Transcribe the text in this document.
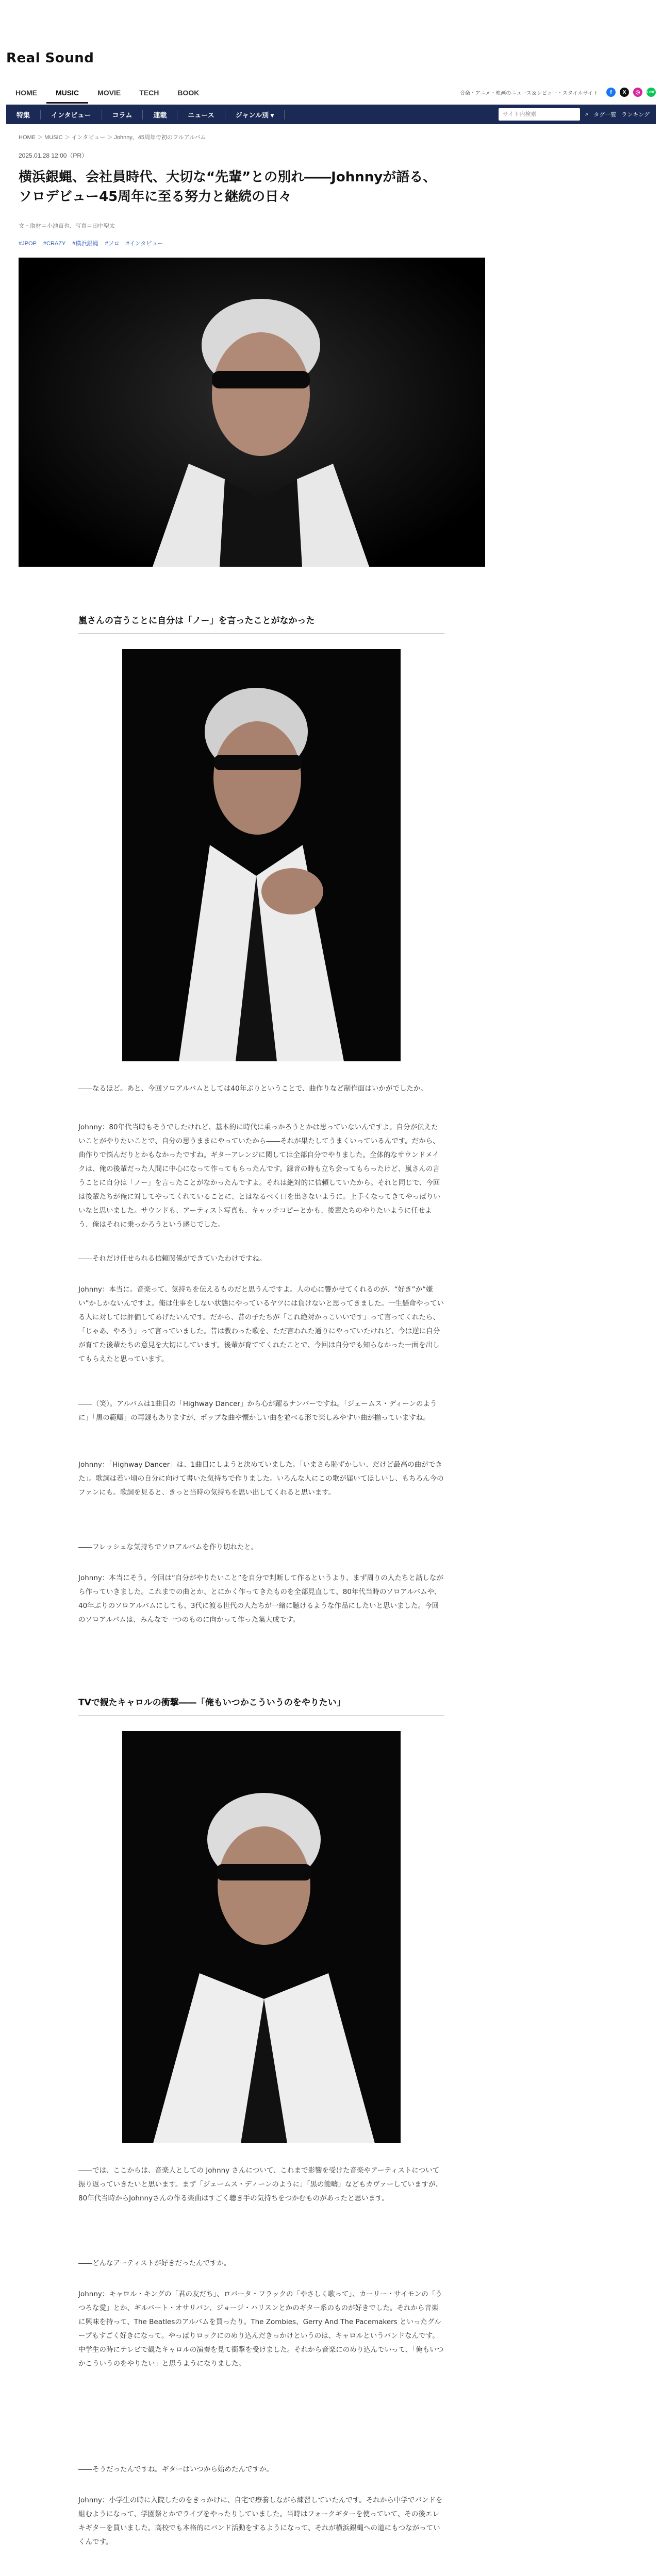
Real Sound
HOME	MUSIC	MOVIE	TECH	BOOK	音楽・アニメ・映画のニュース＆レビュー・スタイルサイト	f	X	◎	LINE
特集	インタビュー	コラム	連載	ニュース	ジャンル別 ▾	サイト内検索	⌕ タグ一覧 ランキング
HOME ＞ MUSIC ＞ インタビュー ＞ Johnny、45周年で初のフルアルバム
2025.01.28 12:00（PR）
横浜銀蝿、会社員時代、大切な“先輩”との別れ――Johnnyが語る、ソロデビュー45周年に至る努力と継続の日々
文・取材＝小池直也、写真＝田中聖太
#JPOP #CRAZY #横浜銀蝿 #ソロ #インタビュー
嵐さんの言うことに自分は「ノー」を言ったことがなかった

――なるほど。あと、今回ソロアルバムとしては40年ぶりということで、曲作りなど制作面はいかがでしたか。

Johnny：80年代当時もそうでしたけれど、基本的に時代に乗っかろうとかは思っていないんですよ。自分が伝えたいことがやりたいことで、自分の思うままにやっていたから――それが果たしてうまくいっているんです。だから、曲作りで悩んだりとかもなかったですね。ギターアレンジに関しては全部自分でやりました。全体的なサウンドメイクは、俺の後輩だった人間に中心になって作ってもらったんです。録音の時も立ち会ってもらったけど、嵐さんの言うことに自分は「ノー」を言ったことがなかったんですよ。それは絶対的に信頼していたから。それと同じで、今回は後輩たちが俺に対してやってくれていることに、とはなるべく口を出さないように。上手くなってきてやっぱりいいなと思いました。サウンドも、アーティスト写真も、キャッチコピーとかも、後輩たちのやりたいように任せよう、俺はそれに乗っかろうという感じでした。

――それだけ任せられる信頼関係ができていたわけですね。

Johnny：本当に。音楽って、気持ちを伝えるものだと思うんですよ。人の心に響かせてくれるのが、“好き”か“嫌い”かしかないんですよ。俺は仕事をしない状態にやっているヤツには負けないと思ってきました。一生懸命やっている人に対しては評価してあげたいんです。だから、昔の子たちが「これ絶対かっこいいです」って言ってくれたら、「じゃあ、やろう」って言っていました。昔は教わった歌を、ただ言われた通りにやっていたけれど、今は逆に自分が育てた後輩たちの意見を大切にしています。後輩が育ててくれたことで、今回は自分でも知らなかった一面を出してもらえたと思っています。

――（笑）。アルバムは1曲目の「Highway Dancer」から心が躍るナンバーですね。「ジェームス・ディーンのように」「黒の範疇」の再録もありますが、ポップな曲や懐かしい曲を並べる形で楽しみやすい曲が揃っていますね。

Johnny：「Highway Dancer」は、1曲目にしようと決めていました。「いまさら恥ずかしい、だけど最高の曲ができた」。歌詞は若い頃の自分に向けて書いた気持ちで作りました。いろんな人にこの歌が届いてほしいし、もちろん今のファンにも。歌詞を見ると、きっと当時の気持ちを思い出してくれると思います。

――フレッシュな気持ちでソロアルバムを作り切れたと。

Johnny：本当にそう。今回は“自分がやりたいこと”を自分で判断して作るというより、まず周りの人たちと話しながら作っていきました。これまでの曲とか、とにかく作ってきたものを全部見直して、80年代当時のソロアルバムや、40年ぶりのソロアルバムにしても、3代に渡る世代の人たちが一緒に聴けるような作品にしたいと思いました。今回のソロアルバムは、みんなで一つのものに向かって作った集大成です。

TVで観たキャロルの衝撃――「俺もいつかこういうのをやりたい」

――では、ここからは、音楽人としての Johnny さんについて、これまで影響を受けた音楽やアーティストについて振り返っていきたいと思います。まず「ジェームス・ディーンのように」「黒の範疇」などもカヴァーしていますが、80年代当時からJohnnyさんの作る楽曲はすごく聴き手の気持ちをつかむものがあったと思います。

――どんなアーティストが好きだったんですか。

Johnny：キャロル・キングの「君の友だち」、ロバータ・フラックの「やさしく歌って」、カーリー・サイモンの「うつろな愛」とか、ギルバート・オサリバン、ジョージ・ハリスンとかのギター系のものが好きでした。それから音楽に興味を持って、The Beatlesのアルバムを買ったり。The Zombies、Gerry And The Pacemakers といったグループもすごく好きになって。やっぱりロックにのめり込んだきっかけというのは、キャロルというバンドなんです。中学生の時にテレビで観たキャロルの演奏を見て衝撃を受けました。それから音楽にのめり込んでいって、「俺もいつかこういうのをやりたい」と思うようになりました。

――そうだったんですね。ギターはいつから始めたんですか。

Johnny：小学生の時に入院したのをきっかけに、自宅で療養しながら練習していたんです。それから中学でバンドを組むようになって、学園祭とかでライブをやったりしていました。当時はフォークギターを使っていて、その後エレキギターを買いました。高校でも本格的にバンド活動をするようになって、それが横浜銀蝿への道にもつながっていくんです。
